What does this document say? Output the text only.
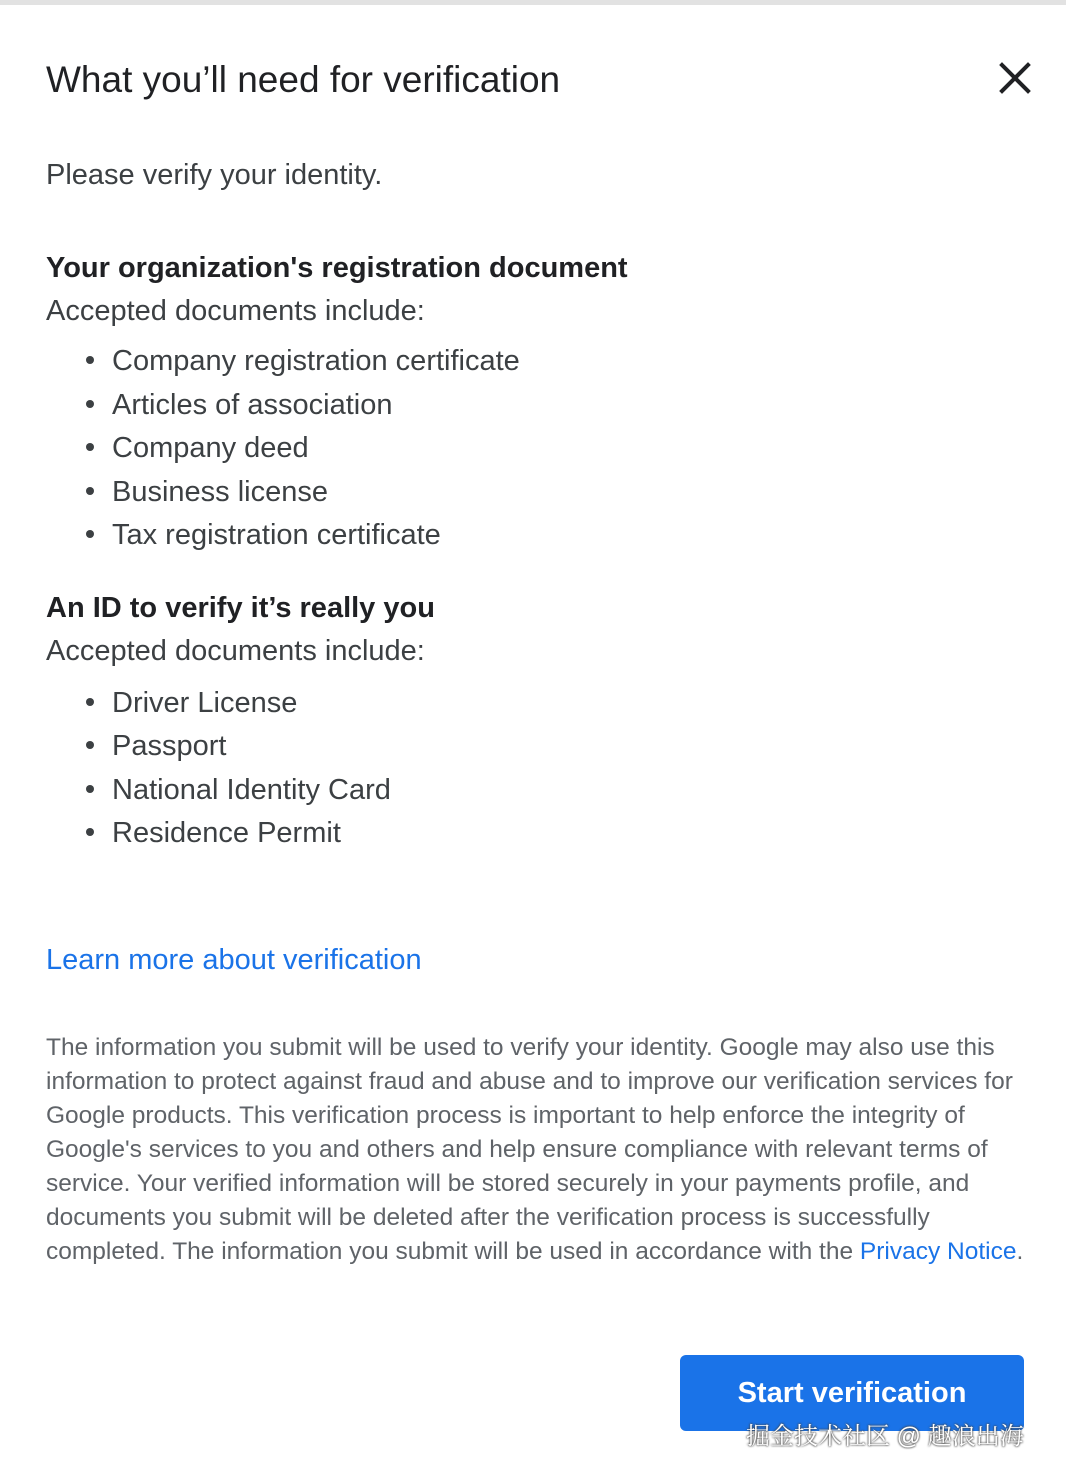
What you’ll need for verification
Please verify your identity.
Your organization's registration document
Accepted documents include:
Company registration certificate
Articles of association
Company deed
Business license
Tax registration certificate
An ID to verify it’s really you
Accepted documents include:
Driver License
Passport
National Identity Card
Residence Permit
Learn more about verification
The information you submit will be used to verify your identity. Google may also use this information to protect against fraud and abuse and to improve our verification services for Google products. This verification process is important to help enforce the integrity of Google's services to you and others and help ensure compliance with relevant terms of service. Your verified information will be stored securely in your payments profile, and documents you submit will be deleted after the verification process is successfully completed. The information you submit will be used in accordance with the Privacy Notice.
Start verification
掘金技术社区 @ 趣浪出海
